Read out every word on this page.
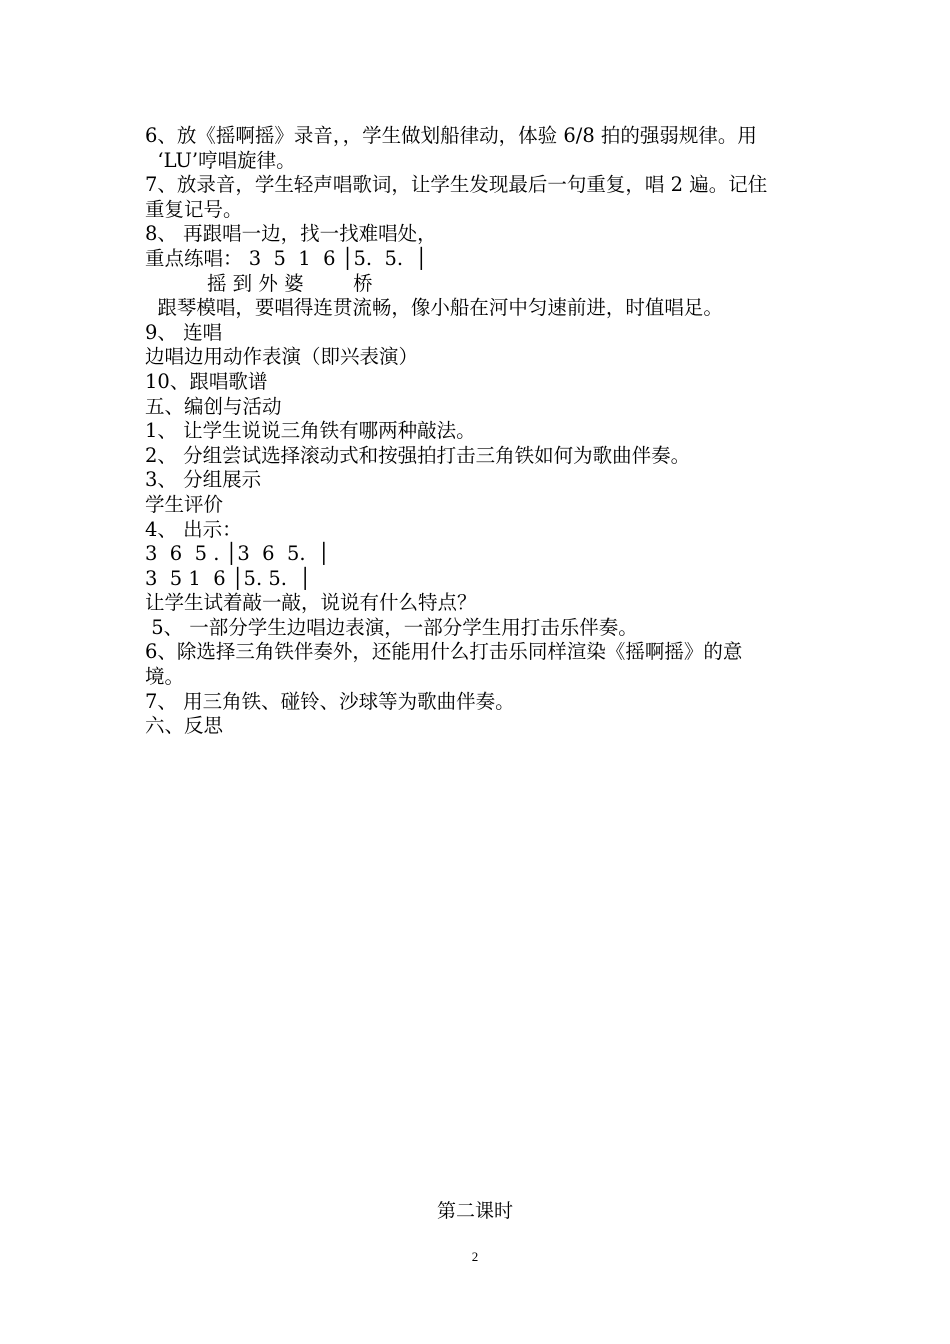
6、放《摇啊摇》录音，，学生做划船律动，体验 6/8 拍的强弱规律。用

‘LU’哼唱旋律。

7、放录音，学生轻声唱歌词，让学生发现最后一句重复，唱 2 遍。记住

重复记号。

8、 再跟唱一边，找一找难唱处，

重点练唱： 3  5  1  6 │5.  5.  │

摇 到 外 婆        桥

跟琴模唱，要唱得连贯流畅，像小船在河中匀速前进，时值唱足。

9、 连唱

边唱边用动作表演（即兴表演）

10、跟唱歌谱

五、编创与活动

1、 让学生说说三角铁有哪两种敲法。

2、 分组尝试选择滚动式和按强拍打击三角铁如何为歌曲伴奏。

3、 分组展示

学生评价

4、 出示：

3  6  5 . │3  6  5.  │

3  5 1  6 │5. 5.  │

让学生试着敲一敲，说说有什么特点？

5、 一部分学生边唱边表演，一部分学生用打击乐伴奏。

6、除选择三角铁伴奏外，还能用什么打击乐同样渲染《摇啊摇》的意

境。

7、 用三角铁、碰铃、沙球等为歌曲伴奏。

六、反思

第二课时
2
